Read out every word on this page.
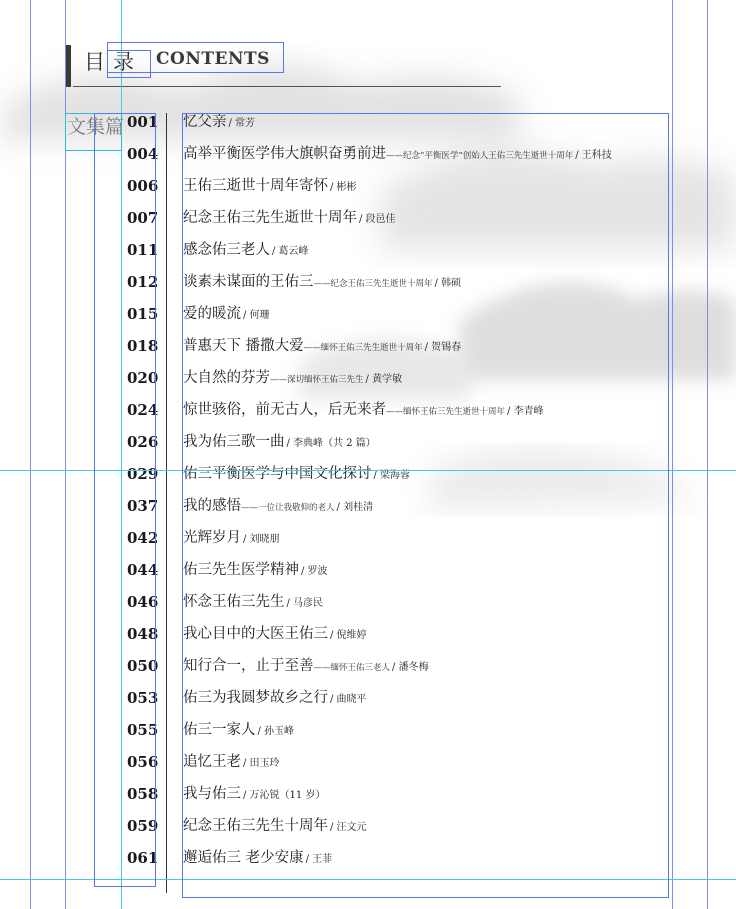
目录 CONTENTS
文集篇 001 忆父亲 / 常芳
004 高举平衡医学伟大旗帜奋勇前进——纪念“平衡医学”创始人王佑三先生逝世十周年 / 王科技
006 王佑三逝世十周年寄怀 / 彬彬
007 纪念王佑三先生逝世十周年 / 段邑佳
011 感念佑三老人 / 葛云峰
012 谈素未谋面的王佑三——纪念王佑三先生逝世十周年 / 韩硕
015 爱的暖流 / 何珊
018 普惠天下 播撒大爱——缅怀王佑三先生逝世十周年 / 贺锡春
020 大自然的芬芳——深切缅怀王佑三先生 / 黄学敏
024 惊世骇俗，前无古人，后无来者——缅怀王佑三先生逝世十周年 / 李青峰
026 我为佑三歌一曲 / 李典峰（共 2 篇）
029 佑三平衡医学与中国文化探讨 / 梁海蓉
037 我的感悟——一位让我敬仰的老人 / 刘桂清
042 光辉岁月 / 刘晓朋
044 佑三先生医学精神 / 罗波
046 怀念王佑三先生 / 马彦民
048 我心目中的大医王佑三 / 倪维婷
050 知行合一，止于至善——缅怀王佑三老人 / 潘冬梅
053 佑三为我圆梦故乡之行 / 曲晓平
055 佑三一家人 / 孙玉峰
056 追忆王老 / 田玉玲
058 我与佑三 / 万沁锐（11 岁）
059 纪念王佑三先生十周年 / 汪文元
061 邂逅佑三 老少安康 / 王菲
